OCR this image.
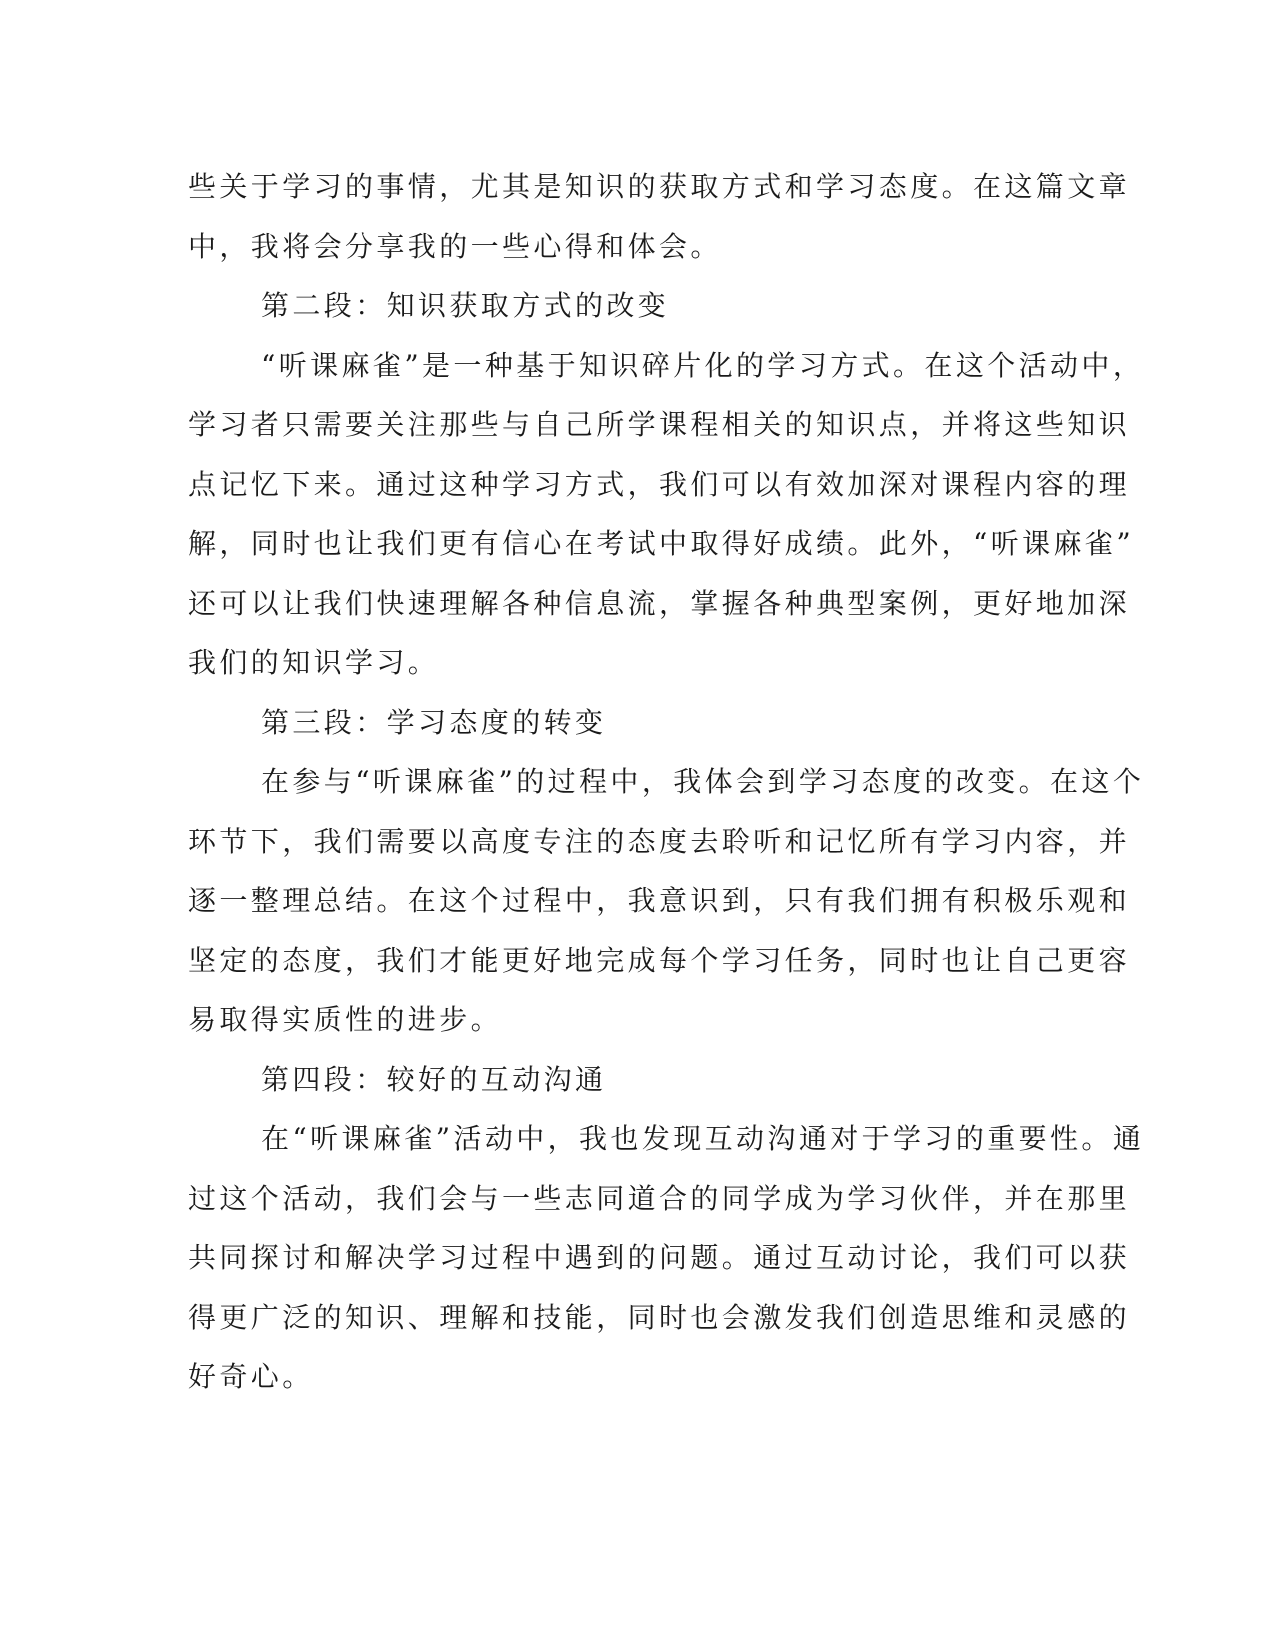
些关于学习的事情，尤其是知识的获取方式和学习态度。在这篇文章
中，我将会分享我的一些心得和体会。
第二段：知识获取方式的改变
“听课麻雀”是一种基于知识碎片化的学习方式。在这个活动中，
学习者只需要关注那些与自己所学课程相关的知识点，并将这些知识
点记忆下来。通过这种学习方式，我们可以有效加深对课程内容的理
解，同时也让我们更有信心在考试中取得好成绩。此外，“听课麻雀”
还可以让我们快速理解各种信息流，掌握各种典型案例，更好地加深
我们的知识学习。
第三段：学习态度的转变
在参与“听课麻雀”的过程中，我体会到学习态度的改变。在这个
环节下，我们需要以高度专注的态度去聆听和记忆所有学习内容，并
逐一整理总结。在这个过程中，我意识到，只有我们拥有积极乐观和
坚定的态度，我们才能更好地完成每个学习任务，同时也让自己更容
易取得实质性的进步。
第四段：较好的互动沟通
在“听课麻雀”活动中，我也发现互动沟通对于学习的重要性。通
过这个活动，我们会与一些志同道合的同学成为学习伙伴，并在那里
共同探讨和解决学习过程中遇到的问题。通过互动讨论，我们可以获
得更广泛的知识、理解和技能，同时也会激发我们创造思维和灵感的
好奇心。
